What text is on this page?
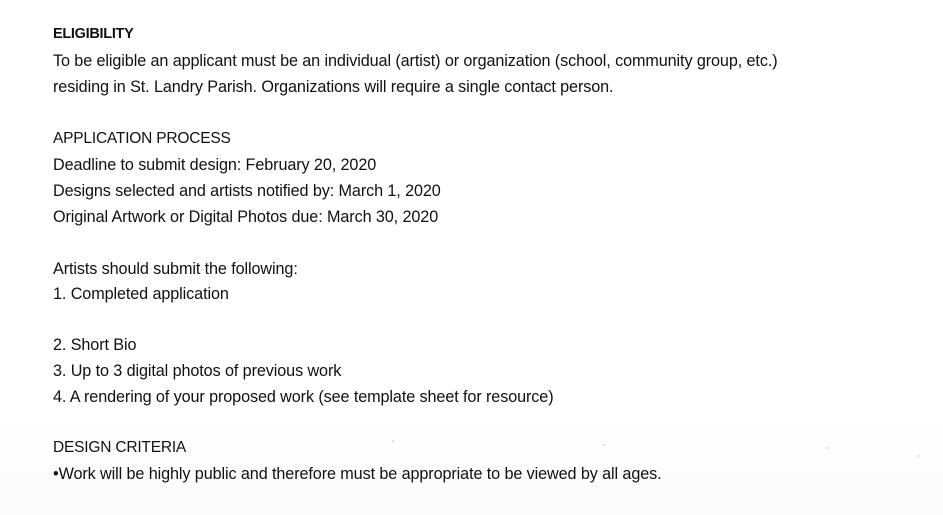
ELIGIBILITY
To be eligible an applicant must be an individual (artist) or organization (school, community group, etc.)
residing in St. Landry Parish. Organizations will require a single contact person.
APPLICATION PROCESS
Deadline to submit design: February 20, 2020
Designs selected and artists notified by: March 1, 2020
Original Artwork or Digital Photos due: March 30, 2020
Artists should submit the following:
1. Completed application
2. Short Bio
3. Up to 3 digital photos of previous work
4. A rendering of your proposed work (see template sheet for resource)
DESIGN CRITERIA
•Work will be highly public and therefore must be appropriate to be viewed by all ages.
